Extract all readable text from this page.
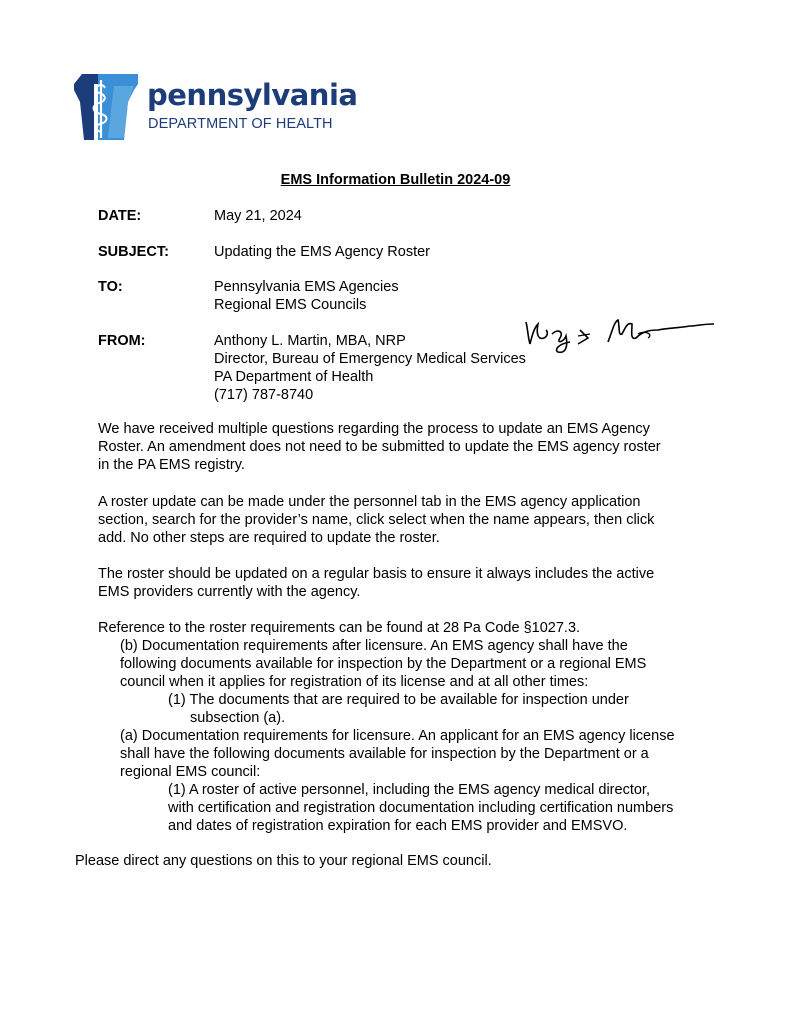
pennsylvania
DEPARTMENT OF HEALTH
EMS Information Bulletin 2024-09
DATE:	May 21, 2024
SUBJECT:	Updating the EMS Agency Roster
TO:	Pennsylvania EMS Agencies
Regional EMS Councils
FROM:	Anthony L. Martin, MBA, NRP
Director, Bureau of Emergency Medical Services
PA Department of Health
(717) 787-8740
We have received multiple questions regarding the process to update an EMS Agency
Roster. An amendment does not need to be submitted to update the EMS agency roster
in the PA EMS registry.
A roster update can be made under the personnel tab in the EMS agency application
section, search for the provider’s name, click select when the name appears, then click
add. No other steps are required to update the roster.
The roster should be updated on a regular basis to ensure it always includes the active
EMS providers currently with the agency.
Reference to the roster requirements can be found at 28 Pa Code §1027.3.
(b) Documentation requirements after licensure. An EMS agency shall have the
following documents available for inspection by the Department or a regional EMS
council when it applies for registration of its license and at all other times:
(1) The documents that are required to be available for inspection under
subsection (a).
(a) Documentation requirements for licensure. An applicant for an EMS agency license
shall have the following documents available for inspection by the Department or a
regional EMS council:
(1) A roster of active personnel, including the EMS agency medical director,
with certification and registration documentation including certification numbers
and dates of registration expiration for each EMS provider and EMSVO.
Please direct any questions on this to your regional EMS council.
